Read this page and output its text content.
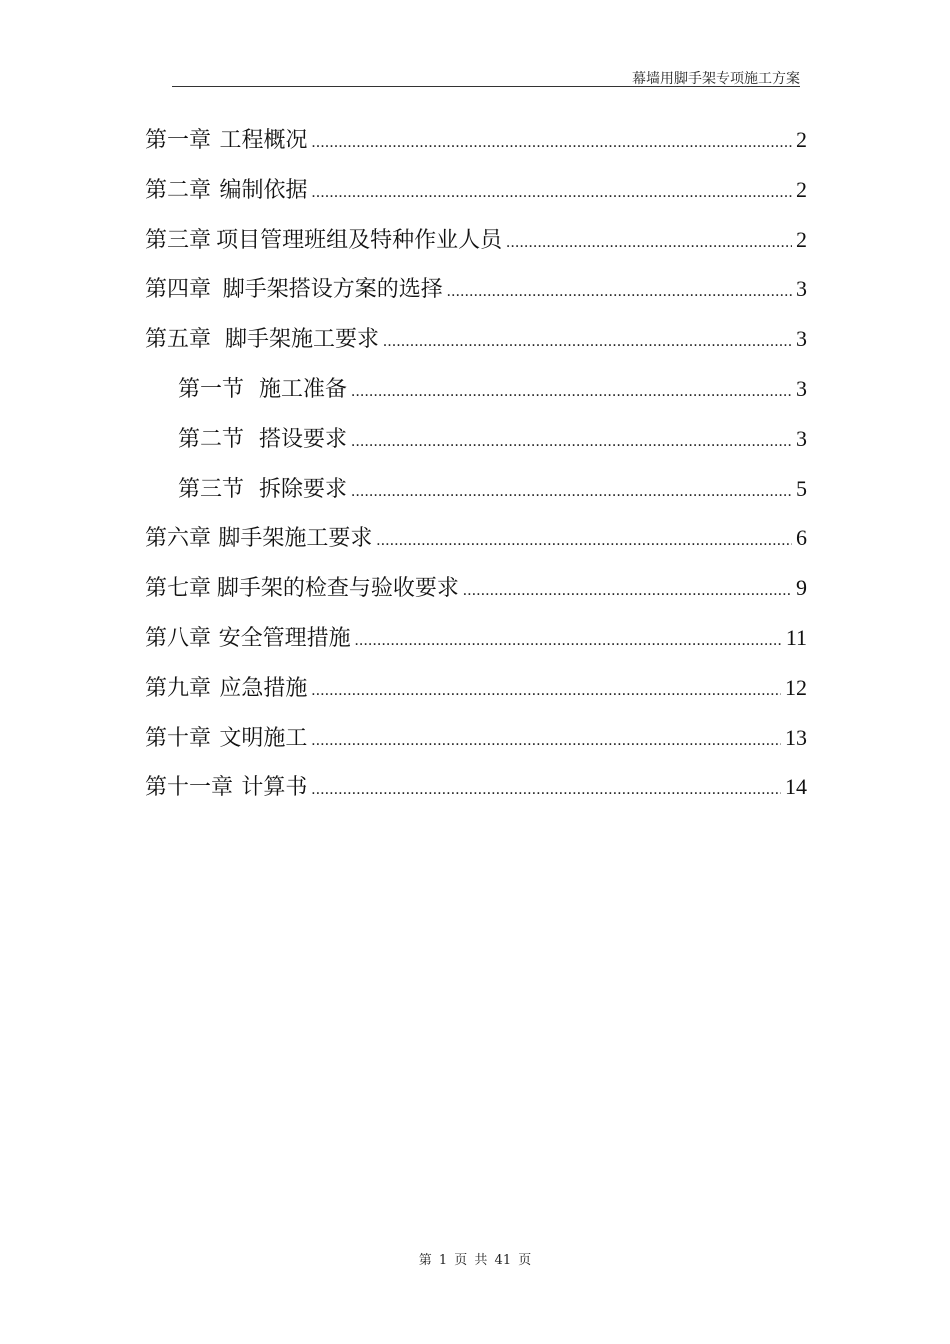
幕墙用脚手架专项施工方案
第一章 工程概况 .....	2
第二章 编制依据 .....	2
第三章 项目管理班组及特种作业人员 .....	2
第四章 脚手架搭设方案的选择 .....	3
第五章 脚手架施工要求 .....	3
第一节 施工准备 .....	3
第二节 搭设要求 .....	3
第三节 拆除要求 .....	5
第六章 脚手架施工要求 .....	6
第七章 脚手架的检查与验收要求 .....	9
第八章 安全管理措施 .....	11
第九章 应急措施 .....	12
第十章 文明施工 .....	13
第十一章 计算书 .....	14
第 1 页 共 41 页
